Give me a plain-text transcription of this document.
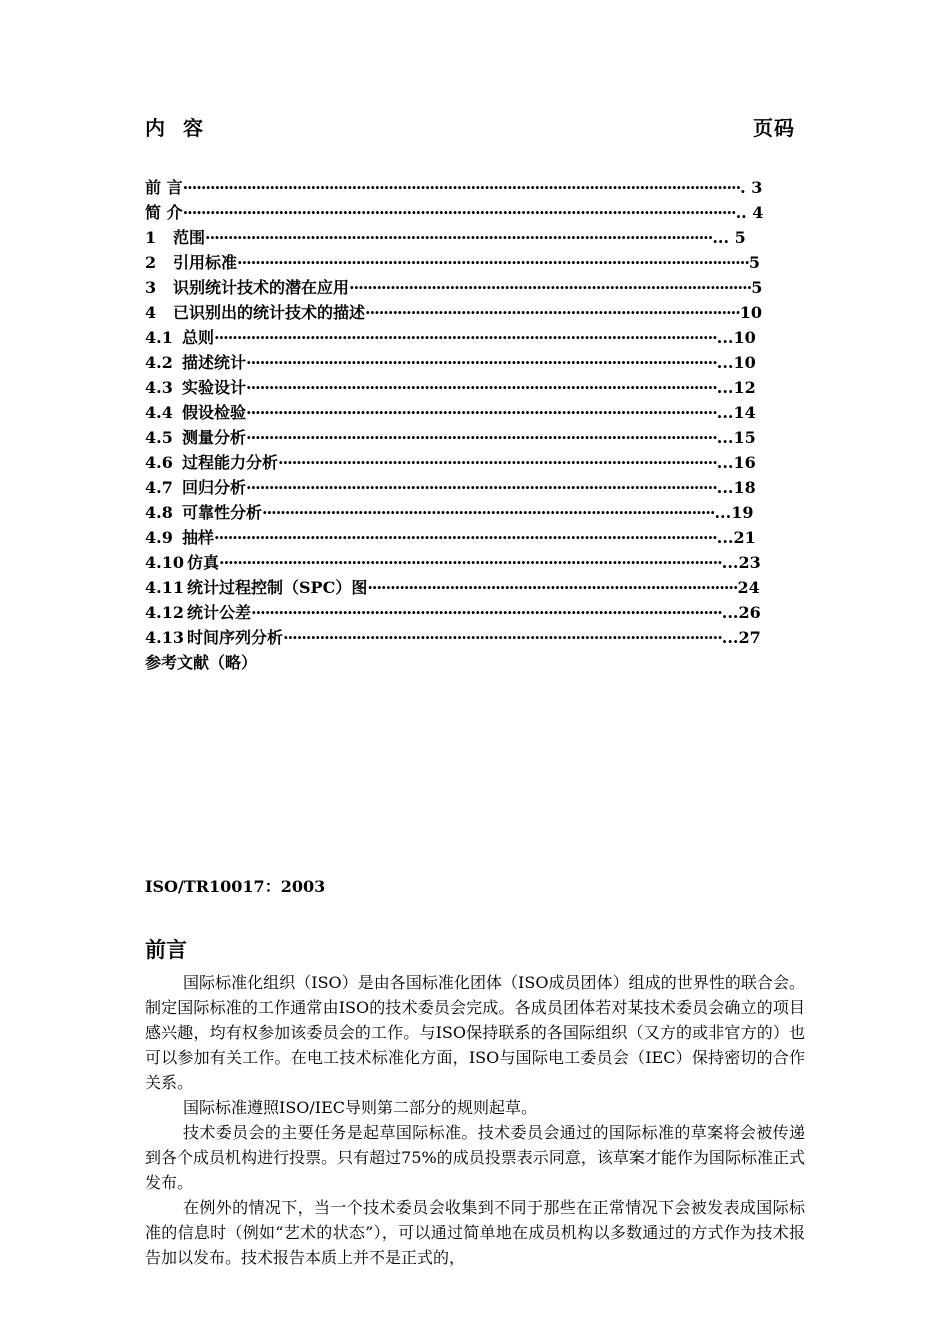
内容	页码
前 言 ·························································································································· . 3
简 介 ························································································································· .. 4
1	范围 ··············································································································· ... 5
2	引用标准 ················································································································ 5
3	识别统计技术的潜在应用 ························································································ 5
4	已识别出的统计技术的描述 ·················································································· 10
4.1 总则 ·············································································································· ...10
4.2 描述统计 ······································································································· ...10
4.3 实验设计 ······································································································· ...12
4.4 假设检验 ······································································································· ...14
4.5 测量分析 ······································································································· ...15
4.6 过程能力分析 ································································································ ...16
4.7 回归分析 ······································································································· ...18
4.8 可靠性分析 ··································································································· ...19
4.9 抽样 ·············································································································· ...21
4.10 仿真 ·············································································································· ...23
4.11 统计过程控制（SPC）图 ················································································· 24
4.12 统计公差 ······································································································· ...26
4.13 时间序列分析 ································································································ ...27
参考文献（略）
ISO/TR10017：2003
前言

国际标准化组织（ISO）是由各国标准化团体（ISO成员团体）组成的世界性的联合会。制定国际标准的工作通常由ISO的技术委员会完成。各成员团体若对某技术委员会确立的项目感兴趣，均有权参加该委员会的工作。与ISO保持联系的各国际组织（又方的或非官方的）也可以参加有关工作。在电工技术标准化方面，ISO与国际电工委员会（IEC）保持密切的合作关系。

国际标准遵照ISO/IEC导则第二部分的规则起草。

技术委员会的主要任务是起草国际标准。技术委员会通过的国际标准的草案将会被传递到各个成员机构进行投票。只有超过75%的成员投票表示同意，该草案才能作为国际标准正式发布。

在例外的情况下，当一个技术委员会收集到不同于那些在正常情况下会被发表成国际标准的信息时（例如“艺术的状态”），可以通过简单地在成员机构以多数通过的方式作为技术报告加以发布。技术报告本质上并不是正式的，
